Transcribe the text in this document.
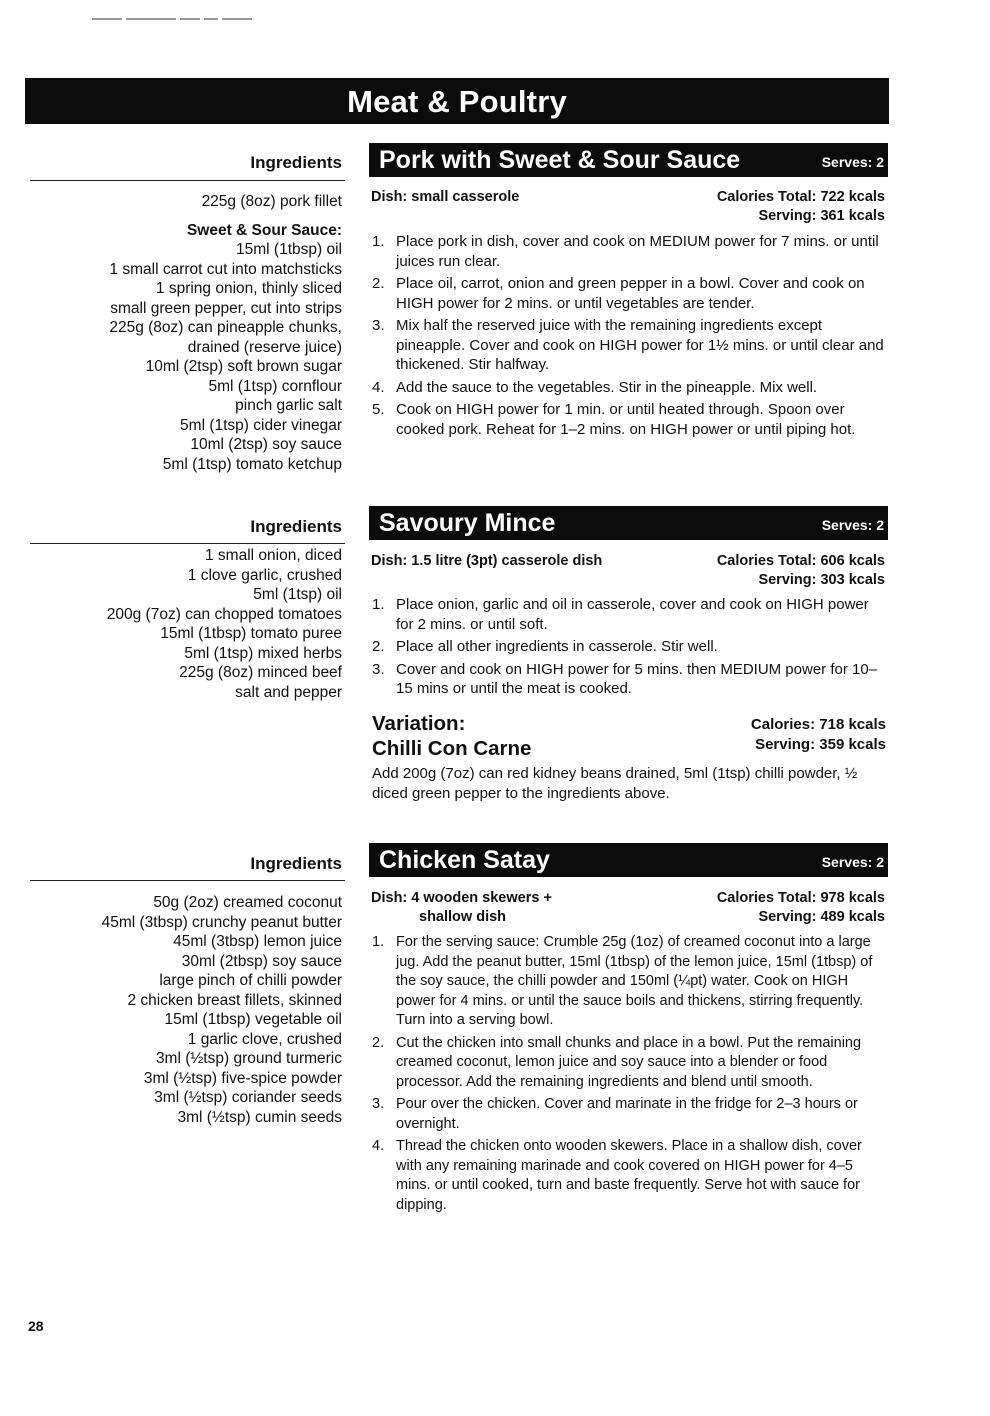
Meat & Poultry
Ingredients
225g (8oz) pork fillet
Sweet & Sour Sauce:
15ml (1tbsp) oil
1 small carrot cut into matchsticks
1 spring onion, thinly sliced
small green pepper, cut into strips
225g (8oz) can pineapple chunks,
drained (reserve juice)
10ml (2tsp) soft brown sugar
5ml (1tsp) cornflour
pinch garlic salt
5ml (1tsp) cider vinegar
10ml (2tsp) soy sauce
5ml (1tsp) tomato ketchup
Pork with Sweet & Sour Sauce	Serves: 2
Dish: small casserole	Calories Total: 722 kcals
Serving: 361 kcals
1. Place pork in dish, cover and cook on MEDIUM power for 7 mins. or until juices run clear.
2. Place oil, carrot, onion and green pepper in a bowl. Cover and cook on HIGH power for 2 mins. or until vegetables are tender.
3. Mix half the reserved juice with the remaining ingredients except pineapple. Cover and cook on HIGH power for 1½ mins. or until clear and thickened. Stir halfway.
4. Add the sauce to the vegetables. Stir in the pineapple. Mix well.
5. Cook on HIGH power for 1 min. or until heated through. Spoon over cooked pork. Reheat for 1–2 mins. on HIGH power or until piping hot.
Ingredients
1 small onion, diced
1 clove garlic, crushed
5ml (1tsp) oil
200g (7oz) can chopped tomatoes
15ml (1tbsp) tomato puree
5ml (1tsp) mixed herbs
225g (8oz) minced beef
salt and pepper
Savoury Mince	Serves: 2
Dish: 1.5 litre (3pt) casserole dish	Calories Total: 606 kcals
Serving: 303 kcals
1. Place onion, garlic and oil in casserole, cover and cook on HIGH power for 2 mins. or until soft.
2. Place all other ingredients in casserole. Stir well.
3. Cover and cook on HIGH power for 5 mins. then MEDIUM power for 10–15 mins or until the meat is cooked.
Variation:
Chilli Con Carne
Calories: 718 kcals
Serving: 359 kcals
Add 200g (7oz) can red kidney beans drained, 5ml (1tsp) chilli powder, ½ diced green pepper to the ingredients above.
Ingredients
50g (2oz) creamed coconut
45ml (3tbsp) crunchy peanut butter
45ml (3tbsp) lemon juice
30ml (2tbsp) soy sauce
large pinch of chilli powder
2 chicken breast fillets, skinned
15ml (1tbsp) vegetable oil
1 garlic clove, crushed
3ml (½tsp) ground turmeric
3ml (½tsp) five-spice powder
3ml (½tsp) coriander seeds
3ml (½tsp) cumin seeds
Chicken Satay	Serves: 2
Dish: 4 wooden skewers +
shallow dish
Calories Total: 978 kcals
Serving: 489 kcals
1. For the serving sauce: Crumble 25g (1oz) of creamed coconut into a large jug. Add the peanut butter, 15ml (1tbsp) of the lemon juice, 15ml (1tbsp) of the soy sauce, the chilli powder and 150ml (¼pt) water. Cook on HIGH power for 4 mins. or until the sauce boils and thickens, stirring frequently. Turn into a serving bowl.
2. Cut the chicken into small chunks and place in a bowl. Put the remaining creamed coconut, lemon juice and soy sauce into a blender or food processor. Add the remaining ingredients and blend until smooth.
3. Pour over the chicken. Cover and marinate in the fridge for 2–3 hours or overnight.
4. Thread the chicken onto wooden skewers. Place in a shallow dish, cover with any remaining marinade and cook covered on HIGH power for 4–5 mins. or until cooked, turn and baste frequently. Serve hot with sauce for dipping.
28
